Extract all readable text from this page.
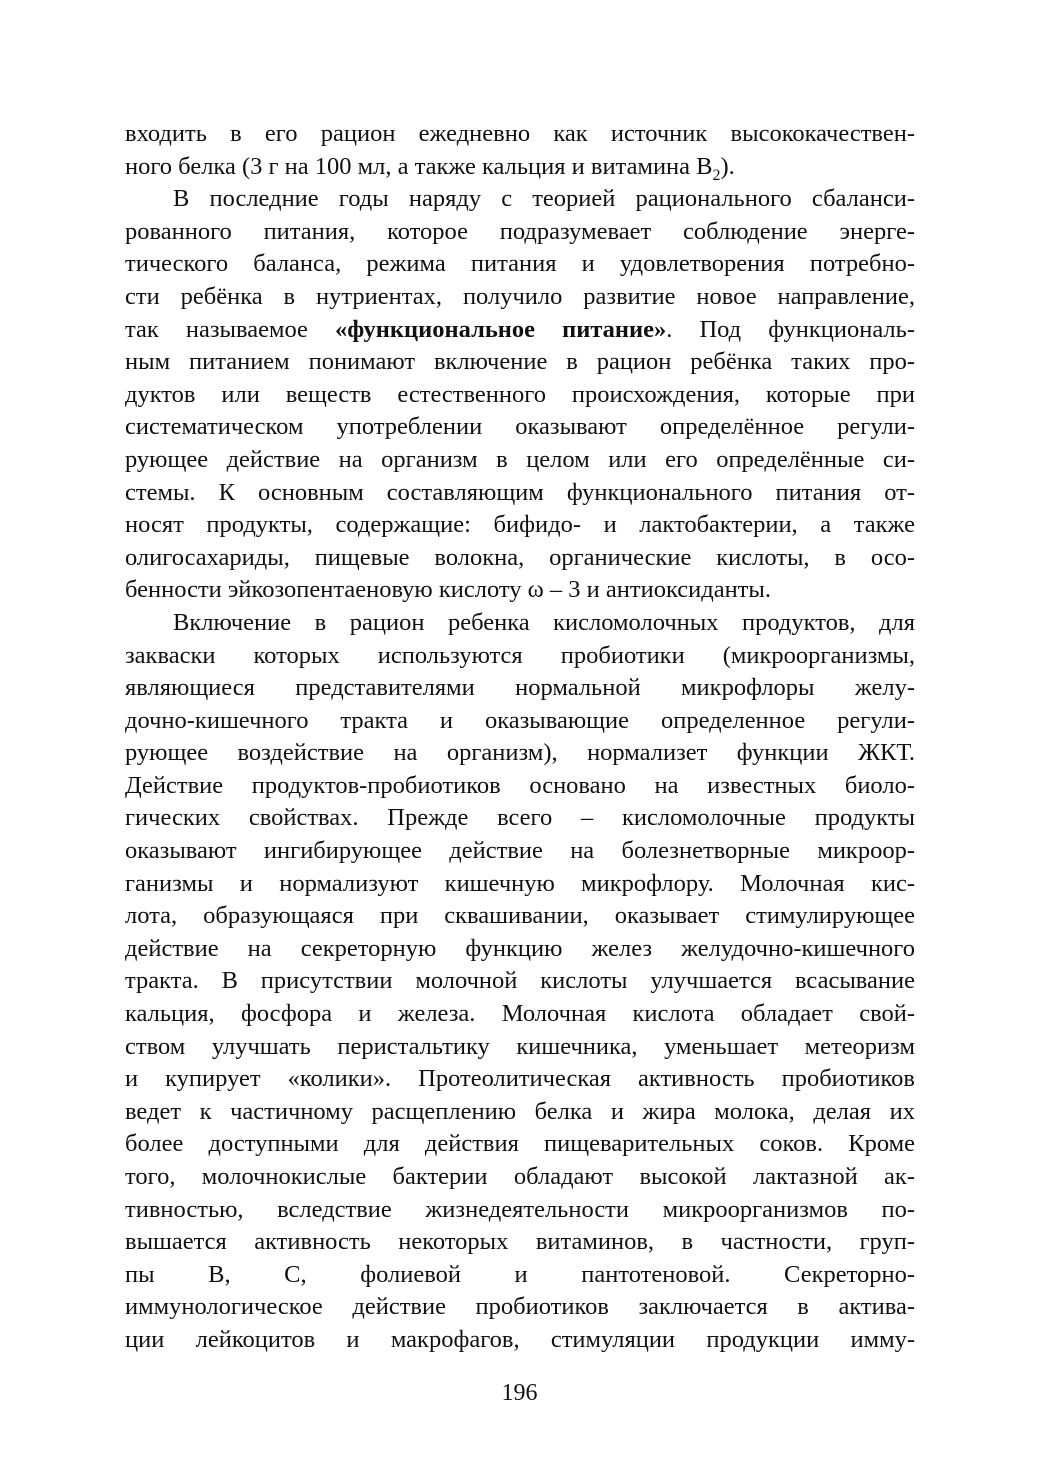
входить в его рацион ежедневно как источник высококачествен-
ного белка (3 г на 100 мл, а также кальция и витамина $B_2$).
В последние годы наряду с теорией рационального сбаланси-
рованного питания, которое подразумевает соблюдение энерге-
тического баланса, режима питания и удовлетворения потребно-
сти ребёнка в нутриентах, получило развитие новое направление,
так называемое «функциональное питание». Под функциональ-
ным питанием понимают включение в рацион ребёнка таких про-
дуктов или веществ естественного происхождения, которые при
систематическом употреблении оказывают определённое регули-
рующее действие на организм в целом или его определённые си-
стемы. К основным составляющим функционального питания от-
носят продукты, содержащие: бифидо- и лактобактерии, а также
олигосахариды, пищевые волокна, органические кислоты, в осо-
бенности эйкозопентаеновую кислоту ω – 3 и антиоксиданты.
Включение в рацион ребенка кисломолочных продуктов, для
закваски которых используются пробиотики (микроорганизмы,
являющиеся представителями нормальной микрофлоры желу-
дочно-кишечного тракта и оказывающие определенное регули-
рующее воздействие на организм), нормализет функции ЖКТ.
Действие продуктов-пробиотиков основано на известных биоло-
гических свойствах. Прежде всего – кисломолочные продукты
оказывают ингибирующее действие на болезнетворные микроор-
ганизмы и нормализуют кишечную микрофлору. Молочная кис-
лота, образующаяся при сквашивании, оказывает стимулирующее
действие на секреторную функцию желез желудочно-кишечного
тракта. В присутствии молочной кислоты улучшается всасывание
кальция, фосфора и железа. Молочная кислота обладает свой-
ством улучшать перистальтику кишечника, уменьшает метеоризм
и купирует «колики». Протеолитическая активность пробиотиков
ведет к частичному расщеплению белка и жира молока, делая их
более доступными для действия пищеварительных соков. Кроме
того, молочнокислые бактерии обладают высокой лактазной ак-
тивностью, вследствие жизнедеятельности микроорганизмов по-
вышается активность некоторых витаминов, в частности, груп-
пы В, С, фолиевой и пантотеновой. Секреторно-
иммунологическое действие пробиотиков заключается в актива-
ции лейкоцитов и макрофагов, стимуляции продукции имму-
196
